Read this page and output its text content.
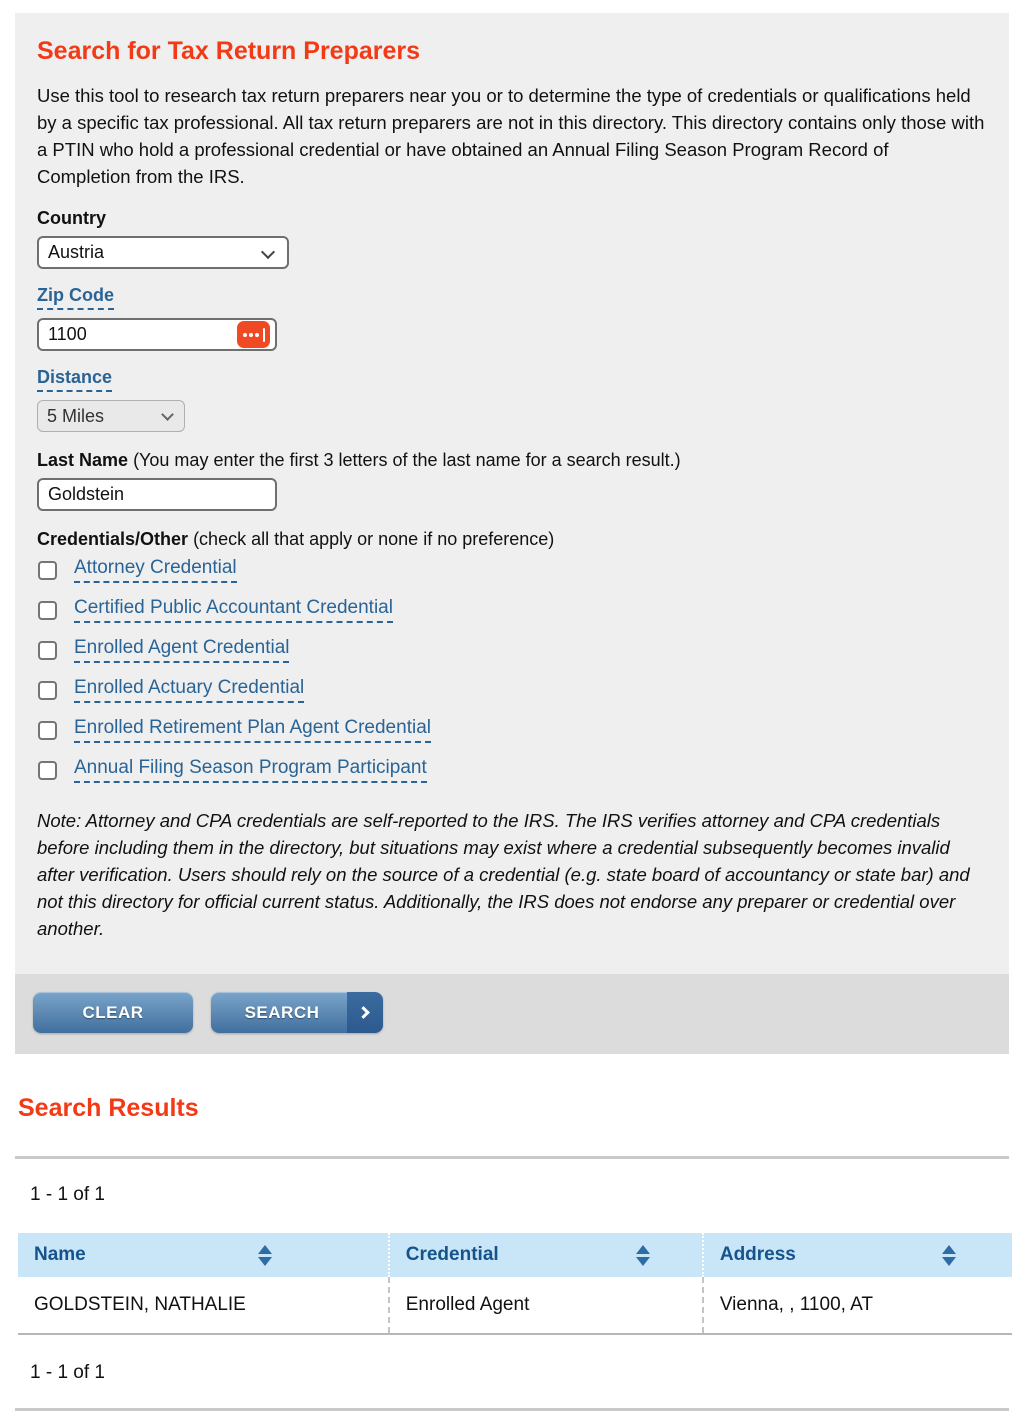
Search for Tax Return Preparers

Use this tool to research tax return preparers near you or to determine the type of credentials or qualifications held by a specific tax professional. All tax return preparers are not in this directory. This directory contains only those with a PTIN who hold a professional credential or have obtained an Annual Filing Season Program Record of Completion from the IRS.

Country
Austria
Zip Code
1100
Distance
5 Miles
Last Name (You may enter the first 3 letters of the last name for a search result.)
Goldstein
Credentials/Other (check all that apply or none if no preference)
Attorney Credential
Certified Public Accountant Credential
Enrolled Agent Credential
Enrolled Actuary Credential
Enrolled Retirement Plan Agent Credential
Annual Filing Season Program Participant

Note: Attorney and CPA credentials are self-reported to the IRS. The IRS verifies attorney and CPA credentials before including them in the directory, but situations may exist where a credential subsequently becomes invalid after verification. Users should rely on the source of a credential (e.g. state board of accountancy or state bar) and not this directory for official current status. Additionally, the IRS does not endorse any preparer or credential over another.

CLEAR	SEARCH
Search Results
1 - 1 of 1
Name	Credential	Address

GOLDSTEIN, NATHALIE	Enrolled Agent	Vienna, , 1100, AT
1 - 1 of 1
